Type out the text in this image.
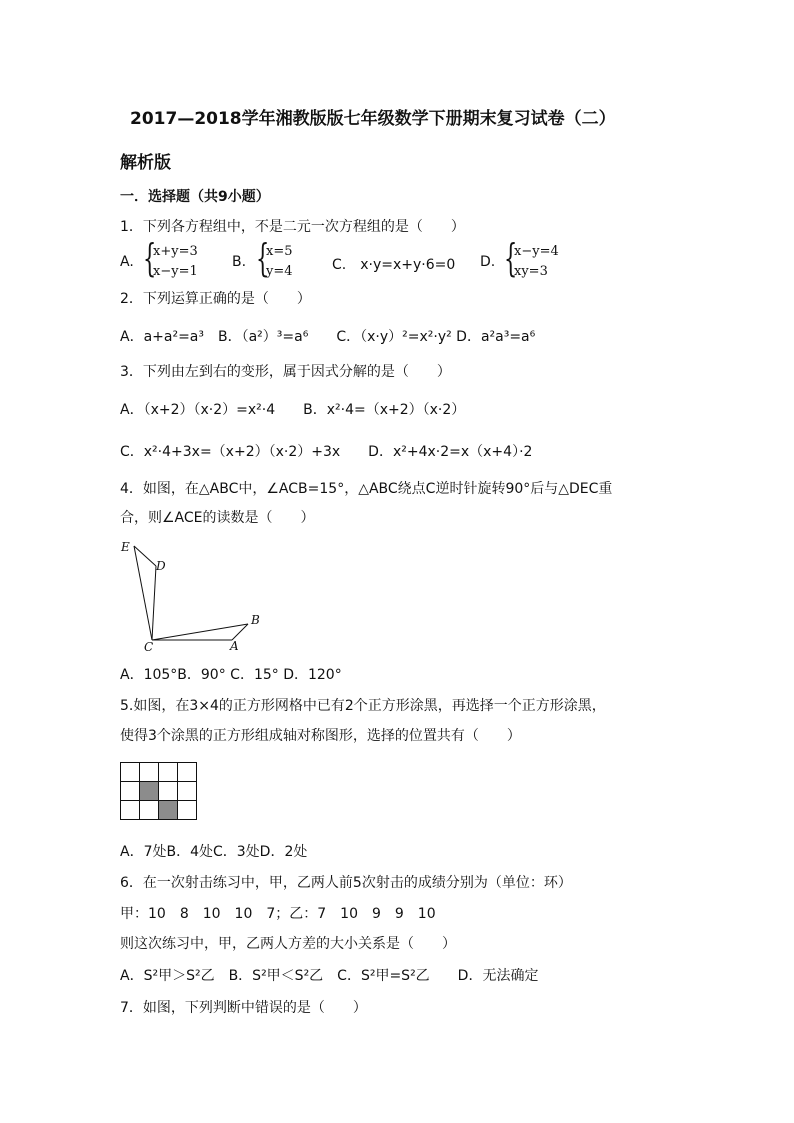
2017—2018学年湘教版版七年级数学下册期末复习试卷（二）
解析版
一．选择题（共9小题）
1．下列各方程组中，不是二元一次方程组的是（　　）
A. {
x+y=3
x−y=1
B. {
x=5
y=4	C.　x·y=x+y·6=0 D. {
x−y=4
xy=3
2．下列运算正确的是（　　）
A．a+a²=a³　B．（a²）³=a⁶　　C．（x·y）²=x²·y² D．a²a³=a⁶
3．下列由左到右的变形，属于因式分解的是（　　）
A．（x+2）（x·2）=x²·4　　B．x²·4=（x+2）（x·2）
C．x²·4+3x=（x+2）（x·2）+3x　　D．x²+4x·2=x（x+4）·2
4．如图，在△ABC中，∠ACB=15°，△ABC绕点C逆时针旋转90°后与△DEC重
合，则∠ACE的读数是（　　）
E
D
C
B
A
A．105°B．90° C．15° D．120°
5.如图，在3×4的正方形网格中已有2个正方形涂黑，再选择一个正方形涂黑，
使得3个涂黑的正方形组成轴对称图形，选择的位置共有（　　）
A．7处B．4处C．3处D．2处
6．在一次射击练习中，甲，乙两人前5次射击的成绩分别为（单位：环）
甲：10　8　10　10　7；乙：7　10　9　9　10
则这次练习中，甲，乙两人方差的大小关系是（　　）
A．S²甲＞S²乙　B．S²甲＜S²乙　C．S²甲=S²乙　　D．无法确定
7．如图，下列判断中错误的是（　　）
